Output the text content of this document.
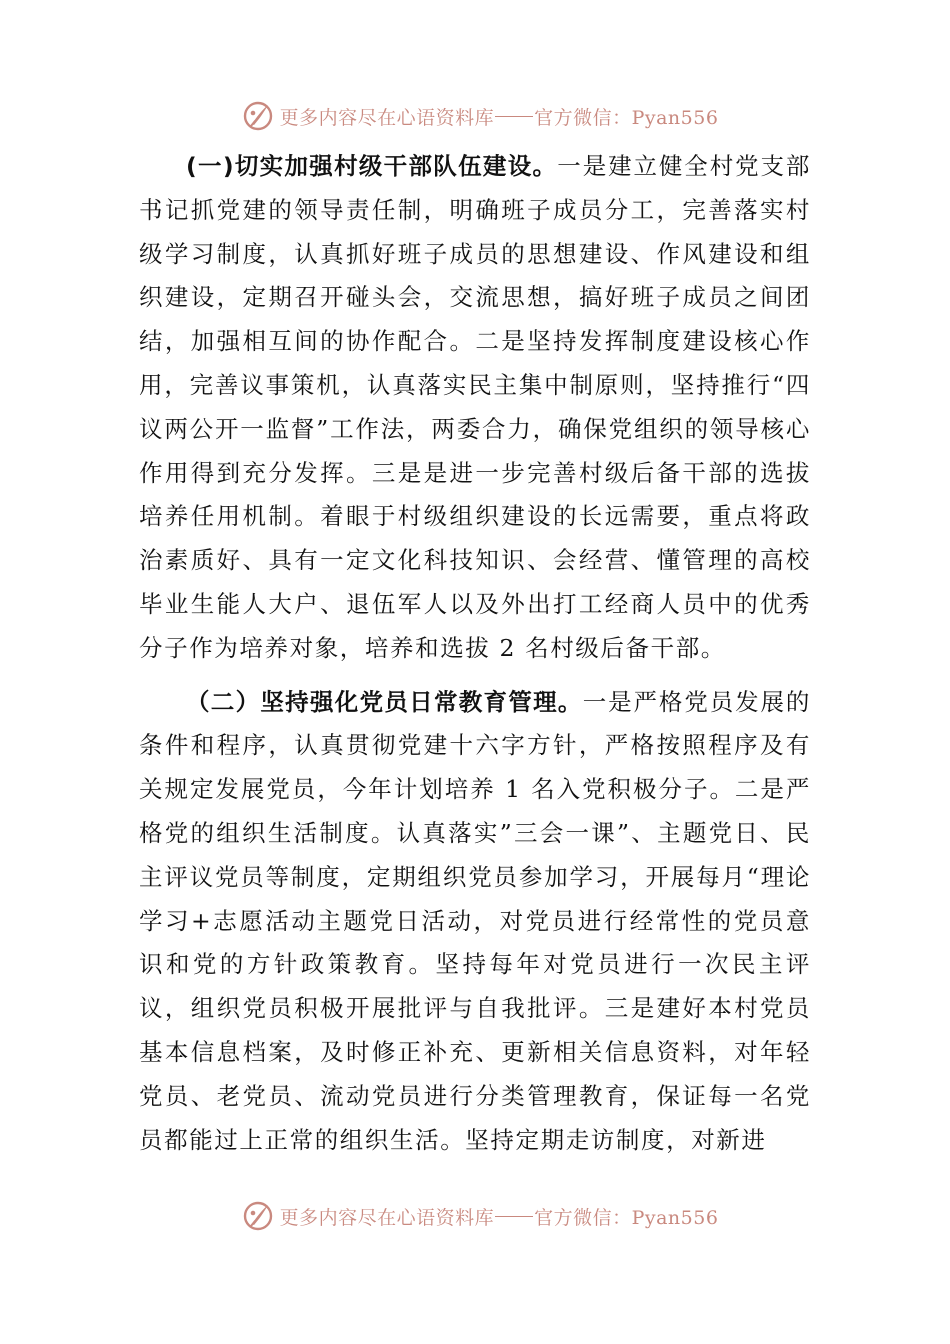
更多内容尽在心语资料库 官方微信：Pyan556

(一)切实加强村级干部队伍建设。一是建立健全村党支部书记抓党建的领导责任制，明确班子成员分工，完善落实村级学习制度，认真抓好班子成员的思想建设、作风建设和组织建设，定期召开碰头会，交流思想，搞好班子成员之间团结，加强相互间的协作配合。二是坚持发挥制度建设核心作用，完善议事策机，认真落实民主集中制原则，坚持推行“四议两公开一监督”工作法，两委合力，确保党组织的领导核心作用得到充分发挥。三是是进一步完善村级后备干部的选拔培养任用机制。着眼于村级组织建设的长远需要，重点将政治素质好、具有一定文化科技知识、会经营、懂管理的高校毕业生能人大户、退伍军人以及外出打工经商人员中的优秀分子作为培养对象，培养和选拔 2 名村级后备干部。

（二）坚持强化党员日常教育管理。一是严格党员发展的条件和程序，认真贯彻党建十六字方针，严格按照程序及有关规定发展党员，今年计划培养 1 名入党积极分子。二是严格党的组织生活制度。认真落实”三会一课”、主题党日、民主评议党员等制度，定期组织党员参加学习，开展每月“理论学习+志愿活动主题党日活动，对党员进行经常性的党员意识和党的方针政策教育。坚持每年对党员进行一次民主评议，组织党员积极开展批评与自我批评。三是建好本村党员基本信息档案，及时修正补充、更新相关信息资料，对年轻党员、老党员、流动党员进行分类管理教育，保证每一名党员都能过上正常的组织生活。坚持定期走访制度，对新进

更多内容尽在心语资料库 官方微信：Pyan556
